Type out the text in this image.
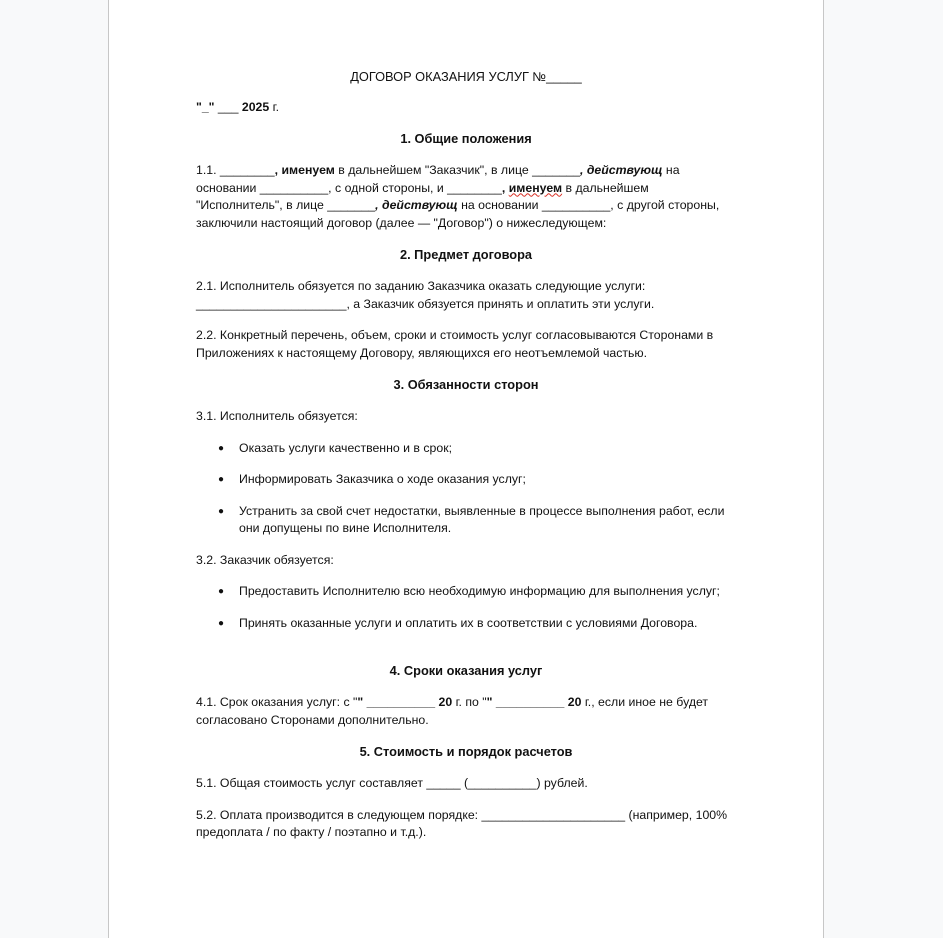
ДОГОВОР ОКАЗАНИЯ УСЛУГ №_____
"_" ___ 2025 г.
1. Общие положения

1.1. ________, именуем в дальнейшем "Заказчик", в лице _______, действующ на основании __________, с одной стороны, и ________, именуем в дальнейшем "Исполнитель", в лице _______, действующ на основании __________, с другой стороны, заключили настоящий договор (далее — "Договор") о нижеследующем:

2. Предмет договора

2.1. Исполнитель обязуется по заданию Заказчика оказать следующие услуги: ______________________, а Заказчик обязуется принять и оплатить эти услуги.

2.2. Конкретный перечень, объем, сроки и стоимость услуг согласовываются Сторонами в Приложениях к настоящему Договору, являющихся его неотъемлемой частью.

3. Обязанности сторон

3.1. Исполнитель обязуется:

● Оказать услуги качественно и в срок;
● Информировать Заказчика о ходе оказания услуг;
● Устранить за свой счет недостатки, выявленные в процессе выполнения работ, если они допущены по вине Исполнителя.

3.2. Заказчик обязуется:

● Предоставить Исполнителю всю необходимую информацию для выполнения услуг;
● Принять оказанные услуги и оплатить их в соответствии с условиями Договора.
4. Сроки оказания услуг

4.1. Срок оказания услуг: с "" __________ 20 г. по "" __________ 20 г., если иное не будет согласовано Сторонами дополнительно.

5. Стоимость и порядок расчетов

5.1. Общая стоимость услуг составляет _____ (__________) рублей.

5.2. Оплата производится в следующем порядке: _____________________ (например, 100% предоплата / по факту / поэтапно и т.д.).
